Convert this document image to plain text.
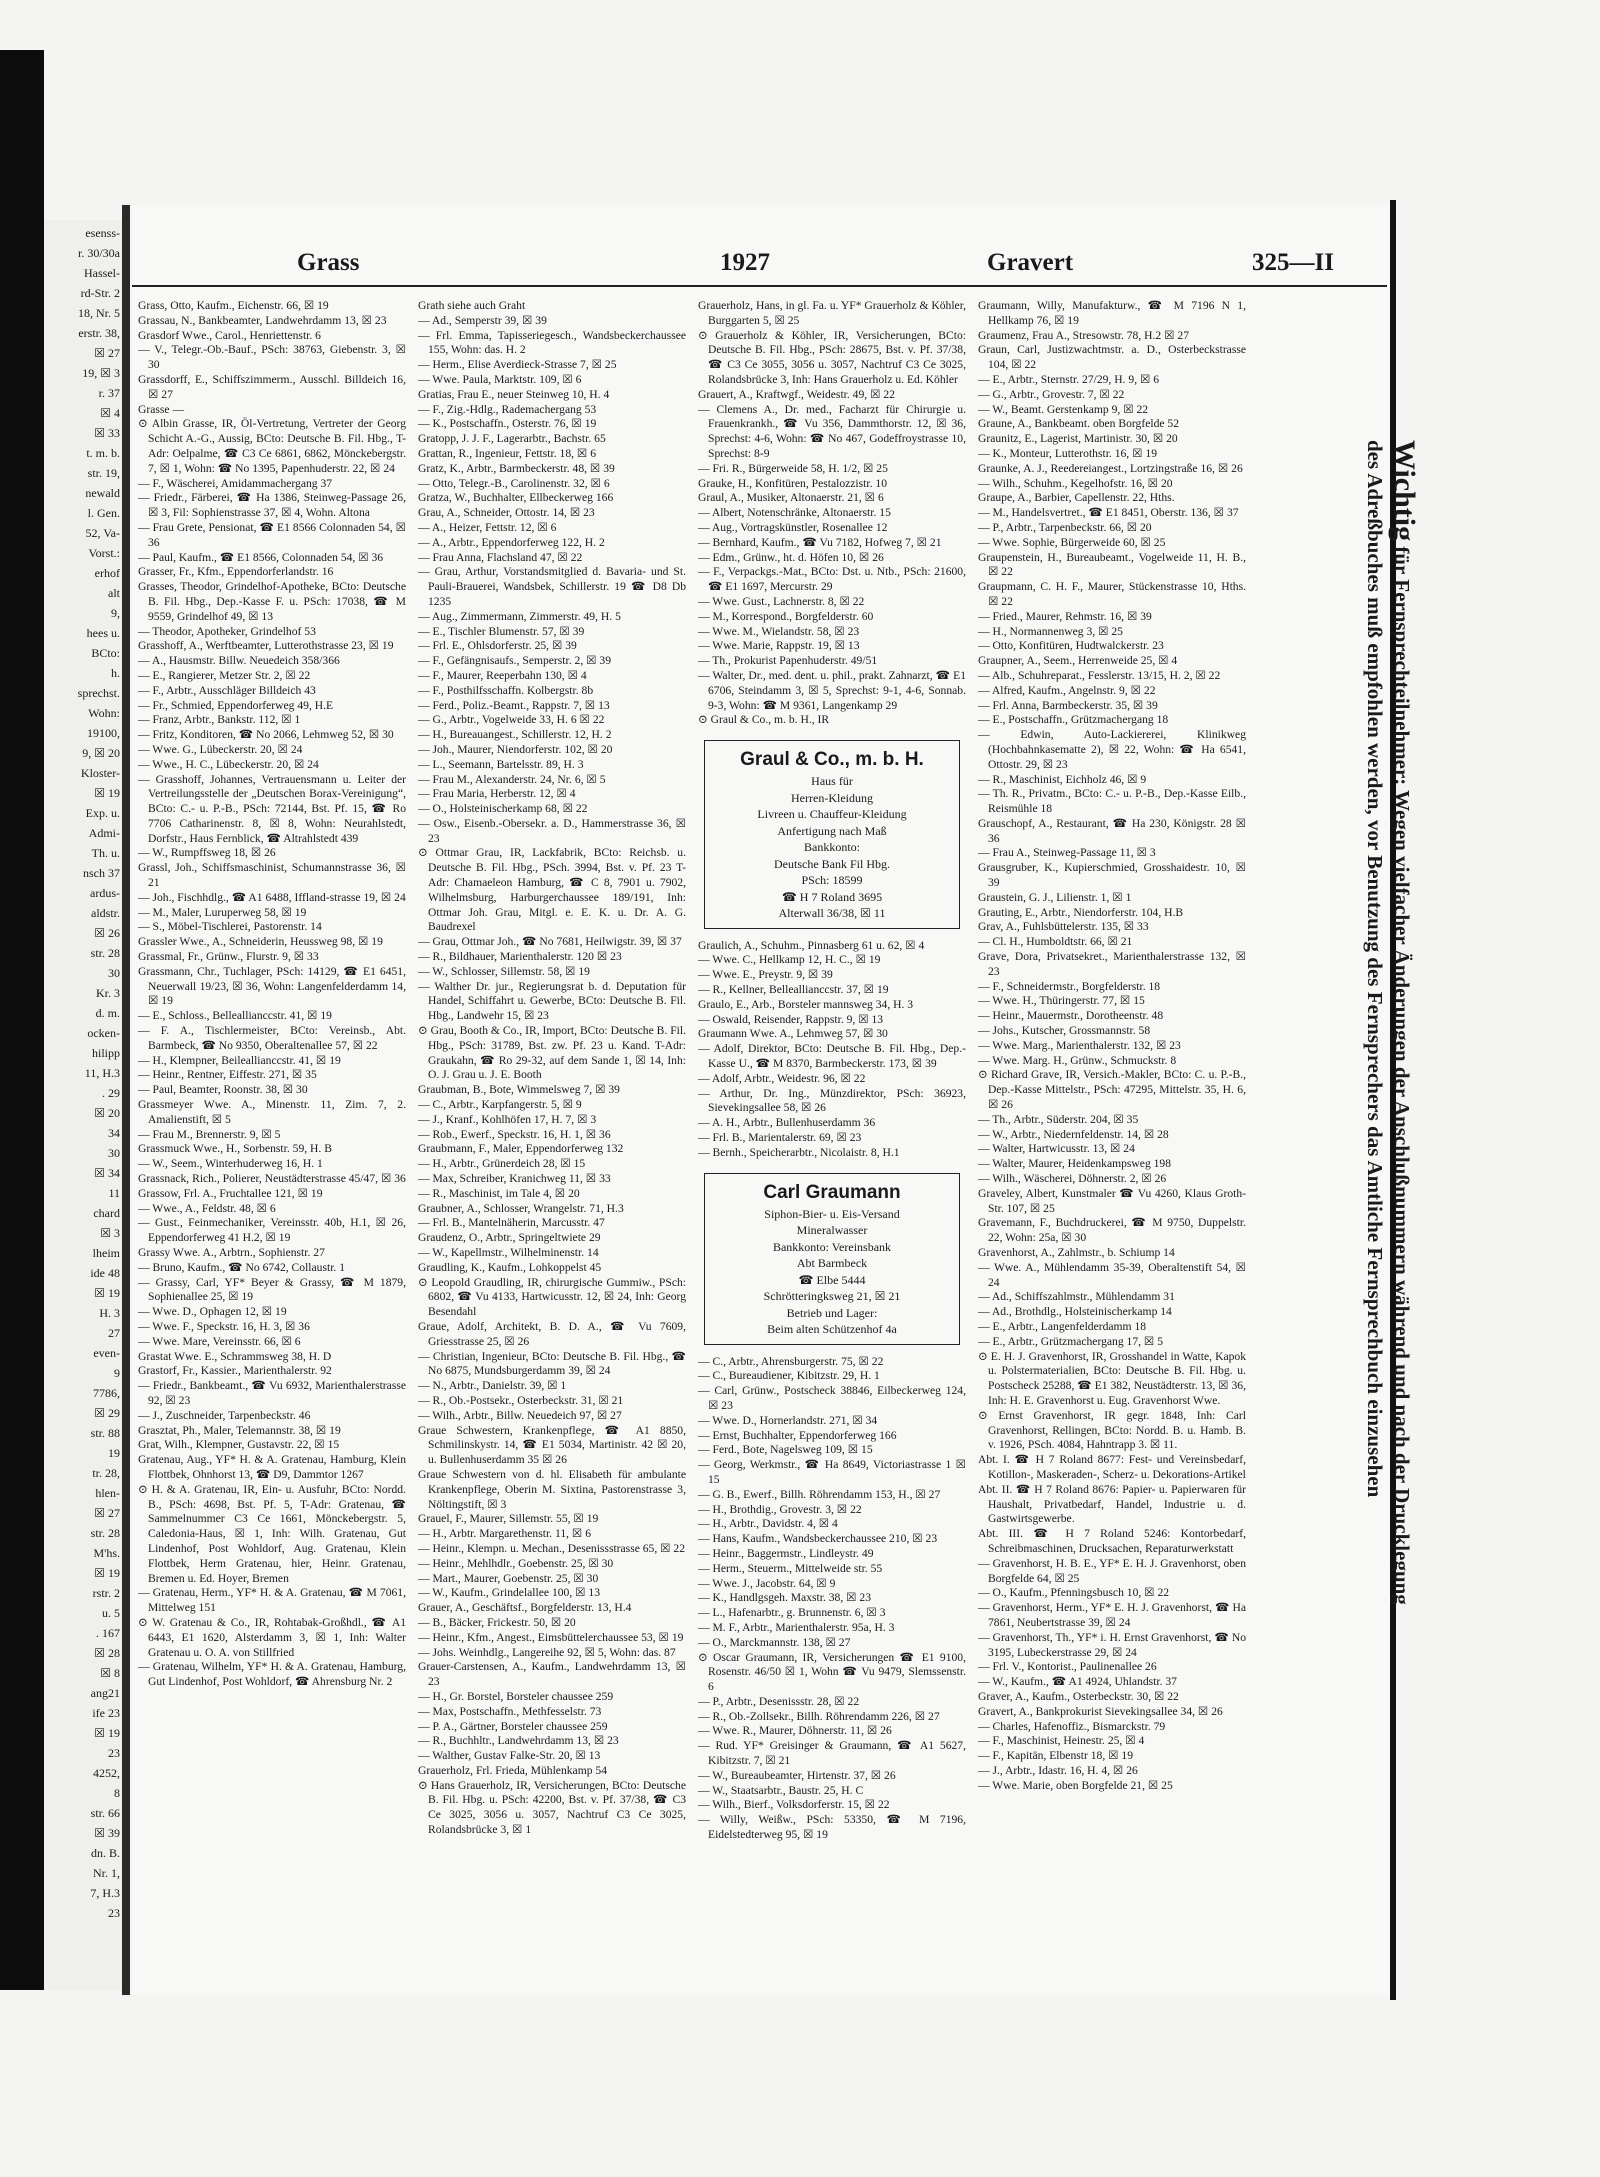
esenss-
r. 30/30a
Hassel-
rd-Str. 2
18, Nr. 5
erstr. 38,
☒ 27
19, ☒ 3
r. 37
☒ 4
☒ 33
t. m. b.
str. 19,
newald
l. Gen.
52, Va-
Vorst.:
erhof
alt
9,
hees u.
BCto:
h.
sprechst.
Wohn:
19100,
9, ☒ 20
Kloster-
☒ 19
Exp. u.
Admi-
Th. u.
nsch 37
ardus-
aldstr.
☒ 26
str. 28
30
Kr. 3
d. m.
ocken-
hilipp
11, H.3
. 29
☒ 20
34
30
☒ 34
11
chard
☒ 3
lheim
ide 48
☒ 19
H. 3
27
even-
9
7786,
☒ 29
str. 88
19
tr. 28,
hlen-
☒ 27
str. 28
M'hs.
☒ 19
rstr. 2
u. 5
. 167
☒ 28
☒ 8
ang21
ife 23
☒ 19
23
4252,
8
str. 66
☒ 39
dn. B.
Nr. 1,
7, H.3
23
Grass	1927	Gravert	325—II

Grass, Otto, Kaufm., Eichenstr. 66, ☒ 19

Grassau, N., Bankbeamter, Landwehrdamm 13, ☒ 23

Grasdorf Wwe., Carol., Henriettenstr. 6

— V., Telegr.-Ob.-Bauf., PSch: 38763, Giebenstr. 3, ☒ 30

Grassdorff, E., Schiffszimmerm., Ausschl. Billdeich 16, ☒ 27

Grasse —

⊙ Albin Grasse, IR, Öl-Vertretung, Vertreter der Georg Schicht A.-G., Aussig, BCto: Deutsche B. Fil. Hbg., T-Adr: Oelpalme, ☎ C3 Ce 6861, 6862, Mönckebergstr. 7, ☒ 1, Wohn: ☎ No 1395, Papenhuderstr. 22, ☒ 24

— F., Wäscherei, Amidammachergang 37

— Friedr., Färberei, ☎ Ha 1386, Steinweg-Passage 26, ☒ 3, Fil: Sophienstrasse 37, ☒ 4, Wohn. Altona

— Frau Grete, Pensionat, ☎ E1 8566 Colonnaden 54, ☒ 36

— Paul, Kaufm., ☎ E1 8566, Colonnaden 54, ☒ 36

Grasser, Fr., Kfm., Eppendorferlandstr. 16

Grasses, Theodor, Grindelhof-Apotheke, BCto: Deutsche B. Fil. Hbg., Dep.-Kasse F. u. PSch: 17038, ☎ M 9559, Grindelhof 49, ☒ 13

— Theodor, Apotheker, Grindelhof 53

Grasshoff, A., Werftbeamter, Lutterothstrasse 23, ☒ 19

— A., Hausmstr. Billw. Neuedeich 358/366

— E., Rangierer, Metzer Str. 2, ☒ 22

— F., Arbtr., Ausschläger Billdeich 43

— Fr., Schmied, Eppendorferweg 49, H.E

— Franz, Arbtr., Bankstr. 112, ☒ 1

— Fritz, Konditoren, ☎ No 2066, Lehmweg 52, ☒ 30

— Wwe. G., Lübeckerstr. 20, ☒ 24

— Wwe., H. C., Lübeckerstr. 20, ☒ 24

— Grasshoff, Johannes, Vertrauensmann u. Leiter der Vertreilungsstelle der „Deutschen Borax-Vereinigung“, BCto: C.- u. P.-B., PSch: 72144, Bst. Pf. 15, ☎ Ro 7706 Catharinenstr. 8, ☒ 8, Wohn: Neurahlstedt, Dorfstr., Haus Fernblick, ☎ Altrahlstedt 439

— W., Rumpffsweg 18, ☒ 26

Grassl, Joh., Schiffsmaschinist, Schumannstrasse 36, ☒ 21

— Joh., Fischhdlg., ☎ A1 6488, Iffland-strasse 19, ☒ 24

— M., Maler, Luruperweg 58, ☒ 19

— S., Möbel-Tischlerei, Pastorenstr. 14

Grassler Wwe., A., Schneiderin, Heussweg 98, ☒ 19

Grassmal, Fr., Grünw., Flurstr. 9, ☒ 33

Grassmann, Chr., Tuchlager, PSch: 14129, ☎ E1 6451, Neuerwall 19/23, ☒ 36, Wohn: Langenfelderdamm 14, ☒ 19

— E., Schloss., Belleallianccstr. 41, ☒ 19

— F. A., Tischlermeister, BCto: Vereinsb., Abt. Barmbeck, ☎ No 9350, Oberaltenallee 57, ☒ 22

— H., Klempner, Beileallianccstr. 41, ☒ 19

— Heinr., Rentner, Eiffestr. 271, ☒ 35

— Paul, Beamter, Roonstr. 38, ☒ 30

Grassmeyer Wwe. A., Minenstr. 11, Zim. 7, 2. Amalienstift, ☒ 5

— Frau M., Brennerstr. 9, ☒ 5

Grassmuck Wwe., H., Sorbenstr. 59, H. B

— W., Seem., Winterhuderweg 16, H. 1

Grassnack, Rich., Polierer, Neustädterstrasse 45/47, ☒ 36

Grassow, Frl. A., Fruchtallee 121, ☒ 19

— Wwe., A., Feldstr. 48, ☒ 6

— Gust., Feinmechaniker, Vereinsstr. 40b, H.1, ☒ 26, Eppendorferweg 41 H.2, ☒ 19

Grassy Wwe. A., Arbtrn., Sophienstr. 27

— Bruno, Kaufm., ☎ No 6742, Collaustr. 1

— Grassy, Carl, YF* Beyer & Grassy, ☎ M 1879, Sophienallee 25, ☒ 19

— Wwe. D., Ophagen 12, ☒ 19

— Wwe. F., Speckstr. 16, H. 3, ☒ 36

— Wwe. Mare, Vereinsstr. 66, ☒ 6

Grastat Wwe. E., Schrammsweg 38, H. D

Grastorf, Fr., Kassier., Marienthalerstr. 92

— Friedr., Bankbeamt., ☎ Vu 6932, Marienthalerstrasse 92, ☒ 23

— J., Zuschneider, Tarpenbeckstr. 46

Grasztat, Ph., Maler, Telemannstr. 38, ☒ 19

Grat, Wilh., Klempner, Gustavstr. 22, ☒ 15

Gratenau, Aug., YF* H. & A. Gratenau, Hamburg, Klein Flottbek, Ohnhorst 13, ☎ D9, Dammtor 1267

⊙ H. & A. Gratenau, IR, Ein- u. Ausfuhr, BCto: Nordd. B., PSch: 4698, Bst. Pf. 5, T-Adr: Gratenau, ☎ Sammelnummer C3 Ce 1661, Mönckebergstr. 5, Caledonia-Haus, ☒ 1, Inh: Wilh. Gratenau, Gut Lindenhof, Post Wohldorf, Aug. Gratenau, Klein Flottbek, Herm Gratenau, hier, Heinr. Gratenau, Bremen u. Ed. Hoyer, Bremen

— Gratenau, Herm., YF* H. & A. Gratenau, ☎ M 7061, Mittelweg 151

⊙ W. Gratenau & Co., IR, Rohtabak-Großhdl., ☎ A1 6443, E1 1620, Alsterdamm 3, ☒ 1, Inh: Walter Gratenau u. O. A. von Stillfried

— Gratenau, Wilhelm, YF* H. & A. Gratenau, Hamburg, Gut Lindenhof, Post Wohldorf, ☎ Ahrensburg Nr. 2

Grath siehe auch Graht

— Ad., Semperstr 39, ☒ 39

— Frl. Emma, Tapisseriegesch., Wandsbeckerchaussee 155, Wohn: das. H. 2

— Herm., Elise Averdieck-Strasse 7, ☒ 25

— Wwe. Paula, Marktstr. 109, ☒ 6

Gratias, Frau E., neuer Steinweg 10, H. 4

— F., Zig.-Hdlg., Rademachergang 53

— K., Postschaffn., Osterstr. 76, ☒ 19

Gratopp, J. J. F., Lagerarbtr., Bachstr. 65

Grattan, R., Ingenieur, Fettstr. 18, ☒ 6

Gratz, K., Arbtr., Barmbeckerstr. 48, ☒ 39

— Otto, Telegr.-B., Carolinenstr. 32, ☒ 6

Gratza, W., Buchhalter, Ellbeckerweg 166

Grau, A., Schneider, Ottostr. 14, ☒ 23

— A., Heizer, Fettstr. 12, ☒ 6

— A., Arbtr., Eppendorferweg 122, H. 2

— Frau Anna, Flachsland 47, ☒ 22

— Grau, Arthur, Vorstandsmitglied d. Bavaria- und St. Pauli-Brauerei, Wandsbek, Schillerstr. 19 ☎ D8 Db 1235

— Aug., Zimmermann, Zimmerstr. 49, H. 5

— E., Tischler Blumenstr. 57, ☒ 39

— Frl. E., Ohlsdorferstr. 25, ☒ 39

— F., Gefängnisaufs., Semperstr. 2, ☒ 39

— F., Maurer, Reeperbahn 130, ☒ 4

— F., Posthilfsschaffn. Kolbergstr. 8b

— Ferd., Poliz.-Beamt., Rappstr. 7, ☒ 13

— G., Arbtr., Vogelweide 33, H. 6 ☒ 22

— H., Bureauangest., Schillerstr. 12, H. 2

— Joh., Maurer, Niendorferstr. 102, ☒ 20

— L., Seemann, Bartelsstr. 89, H. 3

— Frau M., Alexanderstr. 24, Nr. 6, ☒ 5

— Frau Maria, Herberstr. 12, ☒ 4

— O., Holsteinischerkamp 68, ☒ 22

— Osw., Eisenb.-Obersekr. a. D., Hammerstrasse 36, ☒ 23

⊙ Ottmar Grau, IR, Lackfabrik, BCto: Reichsb. u. Deutsche B. Fil. Hbg., PSch. 3994, Bst. v. Pf. 23 T-Adr: Chamaeleon Hamburg, ☎ C 8, 7901 u. 7902, Wilhelmsburg, Harburgerchaussee 189/191, Inh: Ottmar Joh. Grau, Mitgl. e. E. K. u. Dr. A. G. Baudrexel

— Grau, Ottmar Joh., ☎ No 7681, Heilwigstr. 39, ☒ 37

— R., Bildhauer, Marienthalerstr. 120 ☒ 23

— W., Schlosser, Sillemstr. 58, ☒ 19

— Walther Dr. jur., Regierungsrat b. d. Deputation für Handel, Schiffahrt u. Gewerbe, BCto: Deutsche B. Fil. Hbg., Landwehr 15, ☒ 23

⊙ Grau, Booth & Co., IR, Import, BCto: Deutsche B. Fil. Hbg., PSch: 31789, Bst. zw. Pf. 23 u. Kand. T-Adr: Graukahn, ☎ Ro 29-32, auf dem Sande 1, ☒ 14, Inh: O. J. Grau u. J. E. Booth

Graubman, B., Bote, Wimmelsweg 7, ☒ 39

— C., Arbtr., Karpfangerstr. 5, ☒ 9

— J., Kranf., Kohlhöfen 17, H. 7, ☒ 3

— Rob., Ewerf., Speckstr. 16, H. 1, ☒ 36

Graubmann, F., Maler, Eppendorferweg 132

— H., Arbtr., Grünerdeich 28, ☒ 15

— Max, Schreiber, Kranichweg 11, ☒ 33

— R., Maschinist, im Tale 4, ☒ 20

Graubner, A., Schlosser, Wrangelstr. 71, H.3

— Frl. B., Mantelnäherin, Marcusstr. 47

Graudenz, O., Arbtr., Springeltwiete 29

— W., Kapellmstr., Wilhelminenstr. 14

Graudling, K., Kaufm., Lohkoppelst 45

⊙ Leopold Graudling, IR, chirurgische Gummiw., PSch: 6802, ☎ Vu 4133, Hartwicusstr. 12, ☒ 24, Inh: Georg Besendahl

Graue, Adolf, Architekt, B. D. A., ☎ Vu 7609, Griesstrasse 25, ☒ 26

— Christian, Ingenieur, BCto: Deutsche B. Fil. Hbg., ☎ No 6875, Mundsburgerdamm 39, ☒ 24

— N., Arbtr., Danielstr. 39, ☒ 1

— R., Ob.-Postsekr., Osterbeckstr. 31, ☒ 21

— Wilh., Arbtr., Billw. Neuedeich 97, ☒ 27

Graue Schwestern, Krankenpflege, ☎ A1 8850, Schmilinskystr. 14, ☎ E1 5034, Martinistr. 42 ☒ 20, u. Bullenhuserdamm 35 ☒ 26

Graue Schwestern von d. hl. Elisabeth für ambulante Krankenpflege, Oberin M. Sixtina, Pastorenstrasse 3, Nöltingstift, ☒ 3

Grauel, F., Maurer, Sillemstr. 55, ☒ 19

— H., Arbtr. Margarethenstr. 11, ☒ 6

— Heinr., Klempn. u. Mechan., Desenissstrasse 65, ☒ 22

— Heinr., Mehlhdlr., Goebenstr. 25, ☒ 30

— Mart., Maurer, Goebenstr. 25, ☒ 30

— W., Kaufm., Grindelallee 100, ☒ 13

Grauer, A., Geschäftsf., Borgfelderstr. 13, H.4

— B., Bäcker, Frickestr. 50, ☒ 20

— Heinr., Kfm., Angest., Eimsbüttelerchaussee 53, ☒ 19

— Johs. Weinhdlg., Langereihe 92, ☒ 5, Wohn: das. 87

Grauer-Carstensen, A., Kaufm., Landwehrdamm 13, ☒ 23

— H., Gr. Borstel, Borsteler chaussee 259

— Max, Postschaffn., Methfesselstr. 73

— P. A., Gärtner, Borsteler chaussee 259

— R., Buchhltr., Landwehrdamm 13, ☒ 23

— Walther, Gustav Falke-Str. 20, ☒ 13

Grauerholz, Frl. Frieda, Mühlenkamp 54

⊙ Hans Grauerholz, IR, Versicherungen, BCto: Deutsche B. Fil. Hbg. u. PSch: 42200, Bst. v. Pf. 37/38, ☎ C3 Ce 3025, 3056 u. 3057, Nachtruf C3 Ce 3025, Rolandsbrücke 3, ☒ 1

Grauerholz, Hans, in gl. Fa. u. YF* Grauerholz & Köhler, Burggarten 5, ☒ 25

⊙ Grauerholz & Köhler, IR, Versicherungen, BCto: Deutsche B. Fil. Hbg., PSch: 28675, Bst. v. Pf. 37/38, ☎ C3 Ce 3055, 3056 u. 3057, Nachtruf C3 Ce 3025, Rolandsbrücke 3, Inh: Hans Grauerholz u. Ed. Köhler

Grauert, A., Kraftwgf., Weidestr. 49, ☒ 22

— Clemens A., Dr. med., Facharzt für Chirurgie u. Frauenkrankh., ☎ Vu 356, Dammthorstr. 12, ☒ 36, Sprechst: 4-6, Wohn: ☎ No 467, Godeffroystrasse 10, Sprechst: 8-9

— Fri. R., Bürgerweide 58, H. 1/2, ☒ 25

Grauke, H., Konfitüren, Pestalozzistr. 10

Graul, A., Musiker, Altonaerstr. 21, ☒ 6

— Albert, Notenschränke, Altonaerstr. 15

— Aug., Vortragskünstler, Rosenallee 12

— Bernhard, Kaufm., ☎ Vu 7182, Hofweg 7, ☒ 21

— Edm., Grünw., ht. d. Höfen 10, ☒ 26

— F., Verpackgs.-Mat., BCto: Dst. u. Ntb., PSch: 21600, ☎ E1 1697, Mercurstr. 29

— Wwe. Gust., Lachnerstr. 8, ☒ 22

— M., Korrespond., Borgfelderstr. 60

— Wwe. M., Wielandstr. 58, ☒ 23

— Wwe. Marie, Rappstr. 19, ☒ 13

— Th., Prokurist Papenhuderstr. 49/51

— Walter, Dr., med. dent. u. phil., prakt. Zahnarzt, ☎ E1 6706, Steindamm 3, ☒ 5, Sprechst: 9-1, 4-6, Sonnab. 9-3, Wohn: ☎ M 9361, Langenkamp 29

⊙ Graul & Co., m. b. H., IR

Graul & Co., m. b. H.
Haus für
Herren-Kleidung
Livreen u. Chauffeur-Kleidung
Anfertigung nach Maß
Bankkonto:
Deutsche Bank Fil Hbg.
PSch: 18599
☎ H 7 Roland 3695
Alterwall 36/38, ☒ 11

Graulich, A., Schuhm., Pinnasberg 61 u. 62, ☒ 4

— Wwe. C., Hellkamp 12, H. C., ☒ 19

— Wwe. E., Preystr. 9, ☒ 39

— R., Kellner, Belleallianccstr. 37, ☒ 19

Graulo, E., Arb., Borsteler mannsweg 34, H. 3

— Oswald, Reisender, Rappstr. 9, ☒ 13

Graumann Wwe. A., Lehmweg 57, ☒ 30

— Adolf, Direktor, BCto: Deutsche B. Fil. Hbg., Dep.-Kasse U., ☎ M 8370, Barmbeckerstr. 173, ☒ 39

— Adolf, Arbtr., Weidestr. 96, ☒ 22

— Arthur, Dr. Ing., Münzdirektor, PSch: 36923, Sievekingsallee 58, ☒ 26

— A. H., Arbtr., Bullenhuserdamm 36

— Frl. B., Marientalerstr. 69, ☒ 23

— Bernh., Speicherarbtr., Nicolaistr. 8, H.1

Carl Graumann
Siphon-Bier- u. Eis-Versand
Mineralwasser
Bankkonto: Vereinsbank
Abt Barmbeck
☎ Elbe 5444
Schrötteringksweg 21, ☒ 21
Betrieb und Lager:
Beim alten Schützenhof 4a

— C., Arbtr., Ahrensburgerstr. 75, ☒ 22

— C., Bureaudiener, Kibitzstr. 29, H. 1

— Carl, Grünw., Postscheck 38846, Eilbeckerweg 124, ☒ 23

— Wwe. D., Hornerlandstr. 271, ☒ 34

— Ernst, Buchhalter, Eppendorferweg 166

— Ferd., Bote, Nagelsweg 109, ☒ 15

— Georg, Werkmstr., ☎ Ha 8649, Victoriastrasse 1 ☒ 15

— G. B., Ewerf., Billh. Röhrendamm 153, H., ☒ 27

— H., Brothdig., Grovestr. 3, ☒ 22

— H., Arbtr., Davidstr. 4, ☒ 4

— Hans, Kaufm., Wandsbeckerchaussee 210, ☒ 23

— Heinr., Baggermstr., Lindleystr. 49

— Herm., Steuerm., Mittelweide str. 55

— Wwe. J., Jacobstr. 64, ☒ 9

— K., Handlgsgeh. Maxstr. 38, ☒ 23

— L., Hafenarbtr., g. Brunnenstr. 6, ☒ 3

— M. F., Arbtr., Marienthalerstr. 95a, H. 3

— O., Marckmannstr. 138, ☒ 27

⊙ Oscar Graumann, IR, Versicherungen ☎ E1 9100, Rosenstr. 46/50 ☒ 1, Wohn ☎ Vu 9479, Slemssenstr. 6

— P., Arbtr., Desenissstr. 28, ☒ 22

— R., Ob.-Zollsekr., Billh. Röhrendamm 226, ☒ 27

— Wwe. R., Maurer, Döhnerstr. 11, ☒ 26

— Rud. YF* Greisinger & Graumann, ☎ A1 5627, Kibitzstr. 7, ☒ 21

— W., Bureaubeamter, Hirtenstr. 37, ☒ 26

— W., Staatsarbtr., Baustr. 25, H. C

— Wilh., Bierf., Volksdorferstr. 15, ☒ 22

— Willy, Weißw., PSch: 53350, ☎ M 7196, Eidelstedterweg 95, ☒ 19

Graumann, Willy, Manufakturw., ☎ M 7196 N 1, Hellkamp 76, ☒ 19

Graumenz, Frau A., Stresowstr. 78, H.2 ☒ 27

Graun, Carl, Justizwachtmstr. a. D., Osterbeckstrasse 104, ☒ 22

— E., Arbtr., Sternstr. 27/29, H. 9, ☒ 6

— G., Arbtr., Grovestr. 7, ☒ 22

— W., Beamt. Gerstenkamp 9, ☒ 22

Graune, A., Bankbeamt. oben Borgfelde 52

Graunitz, E., Lagerist, Martinistr. 30, ☒ 20

— K., Monteur, Lutterothstr. 16, ☒ 19

Graunke, A. J., Reedereiangest., Lortzingstraße 16, ☒ 26

— Wilh., Schuhm., Kegelhofstr. 16, ☒ 20

Graupe, A., Barbier, Capellenstr. 22, Hths.

— M., Handelsvertret., ☎ E1 8451, Oberstr. 136, ☒ 37

— P., Arbtr., Tarpenbeckstr. 66, ☒ 20

— Wwe. Sophie, Bürgerweide 60, ☒ 25

Graupenstein, H., Bureaubeamt., Vogelweide 11, H. B., ☒ 22

Graupmann, C. H. F., Maurer, Stückenstrasse 10, Hths. ☒ 22

— Fried., Maurer, Rehmstr. 16, ☒ 39

— H., Normannenweg 3, ☒ 25

— Otto, Konfitüren, Hudtwalckerstr. 23

Graupner, A., Seem., Herrenweide 25, ☒ 4

— Alb., Schuhreparat., Fesslerstr. 13/15, H. 2, ☒ 22

— Alfred, Kaufm., Angelnstr. 9, ☒ 22

— Frl. Anna, Barmbeckerstr. 35, ☒ 39

— E., Postschaffn., Grützmachergang 18

— Edwin, Auto-Lackiererei, Klinikweg (Hochbahnkasematte 2), ☒ 22, Wohn: ☎ Ha 6541, Ottostr. 29, ☒ 23

— R., Maschinist, Eichholz 46, ☒ 9

— Th. R., Privatm., BCto: C.- u. P.-B., Dep.-Kasse Eilb., Reismühle 18

Grauschopf, A., Restaurant, ☎ Ha 230, Königstr. 28 ☒ 36

— Frau A., Steinweg-Passage 11, ☒ 3

Grausgruber, K., Kupierschmied, Grosshaidestr. 10, ☒ 39

Graustein, G. J., Lilienstr. 1, ☒ 1

Grauting, E., Arbtr., Niendorferstr. 104, H.B

Grav, A., Fuhlsbüttelerstr. 135, ☒ 33

— Cl. H., Humboldtstr. 66, ☒ 21

Grave, Dora, Privatsekret., Marienthalerstrasse 132, ☒ 23

— F., Schneidermstr., Borgfelderstr. 18

— Wwe. H., Thüringerstr. 77, ☒ 15

— Heinr., Mauermstr., Dorotheenstr. 48

— Johs., Kutscher, Grossmannstr. 58

— Wwe. Marg., Marienthalerstr. 132, ☒ 23

— Wwe. Marg. H., Grünw., Schmuckstr. 8

⊙ Richard Grave, IR, Versich.-Makler, BCto: C. u. P.-B., Dep.-Kasse Mittelstr., PSch: 47295, Mittelstr. 35, H. 6, ☒ 26

— Th., Arbtr., Süderstr. 204, ☒ 35

— W., Arbtr., Niedernfeldenstr. 14, ☒ 28

— Walter, Hartwicusstr. 13, ☒ 24

— Walter, Maurer, Heidenkampsweg 198

— Wilh., Wäscherei, Döhnerstr. 2, ☒ 26

Graveley, Albert, Kunstmaler ☎ Vu 4260, Klaus Groth-Str. 107, ☒ 25

Gravemann, F., Buchdruckerei, ☎ M 9750, Duppelstr. 22, Wohn: 25a, ☒ 30

Gravenhorst, A., Zahlmstr., b. Schiump 14

— Wwe. A., Mühlendamm 35-39, Oberaltenstift 54, ☒ 24

— Ad., Schiffszahlmstr., Mühlendamm 31

— Ad., Brothdlg., Holsteinischerkamp 14

— E., Arbtr., Langenfelderdamm 18

— E., Arbtr., Grützmachergang 17, ☒ 5

⊙ E. H. J. Gravenhorst, IR, Grosshandel in Watte, Kapok u. Polstermaterialien, BCto: Deutsche B. Fil. Hbg. u. Postscheck 25288, ☎ E1 382, Neustädterstr. 13, ☒ 36, Inh: H. E. Gravenhorst u. Eug. Gravenhorst Wwe.

⊙ Ernst Gravenhorst, IR gegr. 1848, Inh: Carl Gravenhorst, Rellingen, BCto: Nordd. B. u. Hamb. B. v. 1926, PSch. 4084, Hahntrapp 3. ☒ 11.

Abt. I. ☎ H 7 Roland 8677: Fest- und Vereinsbedarf, Kotillon-, Maskeraden-, Scherz- u. Dekorations-Artikel

Abt. II. ☎ H 7 Roland 8676: Papier- u. Papierwaren für Haushalt, Privatbedarf, Handel, Industrie u. d. Gastwirtsgewerbe.

Abt. III. ☎ H 7 Roland 5246: Kontorbedarf, Schreibmaschinen, Drucksachen, Reparaturwerkstatt

— Gravenhorst, H. B. E., YF* E. H. J. Gravenhorst, oben Borgfelde 64, ☒ 25

— O., Kaufm., Pfenningsbusch 10, ☒ 22

— Gravenhorst, Herm., YF* E. H. J. Gravenhorst, ☎ Ha 7861, Neubertstrasse 39, ☒ 24

— Gravenhorst, Th., YF* i. H. Ernst Gravenhorst, ☎ No 3195, Lubeckerstrasse 29, ☒ 24

— Frl. V., Kontorist., Paulinenallee 26

— W., Kaufm., ☎ A1 4924, Uhlandstr. 37

Graver, A., Kaufm., Osterbeckstr. 30, ☒ 22

Gravert, A., Bankprokurist Sievekingsallee 34, ☒ 26

— Charles, Hafenoffiz., Bismarckstr. 79

— F., Maschinist, Heinestr. 25, ☒ 4

— F., Kapitän, Elbenstr 18, ☒ 19

— J., Arbtr., Idastr. 16, H. 4, ☒ 26

— Wwe. Marie, oben Borgfelde 21, ☒ 25

Wichtig für Fernsprechteilnehmer: Wegen vielfacher Änderungen der Anschlußnummern während und nach der Drucklegung
des Adreßbuches muß empfohlen werden, vor Benutzung des Fernsprechers das Amtliche Fernsprechbuch einzusehen
